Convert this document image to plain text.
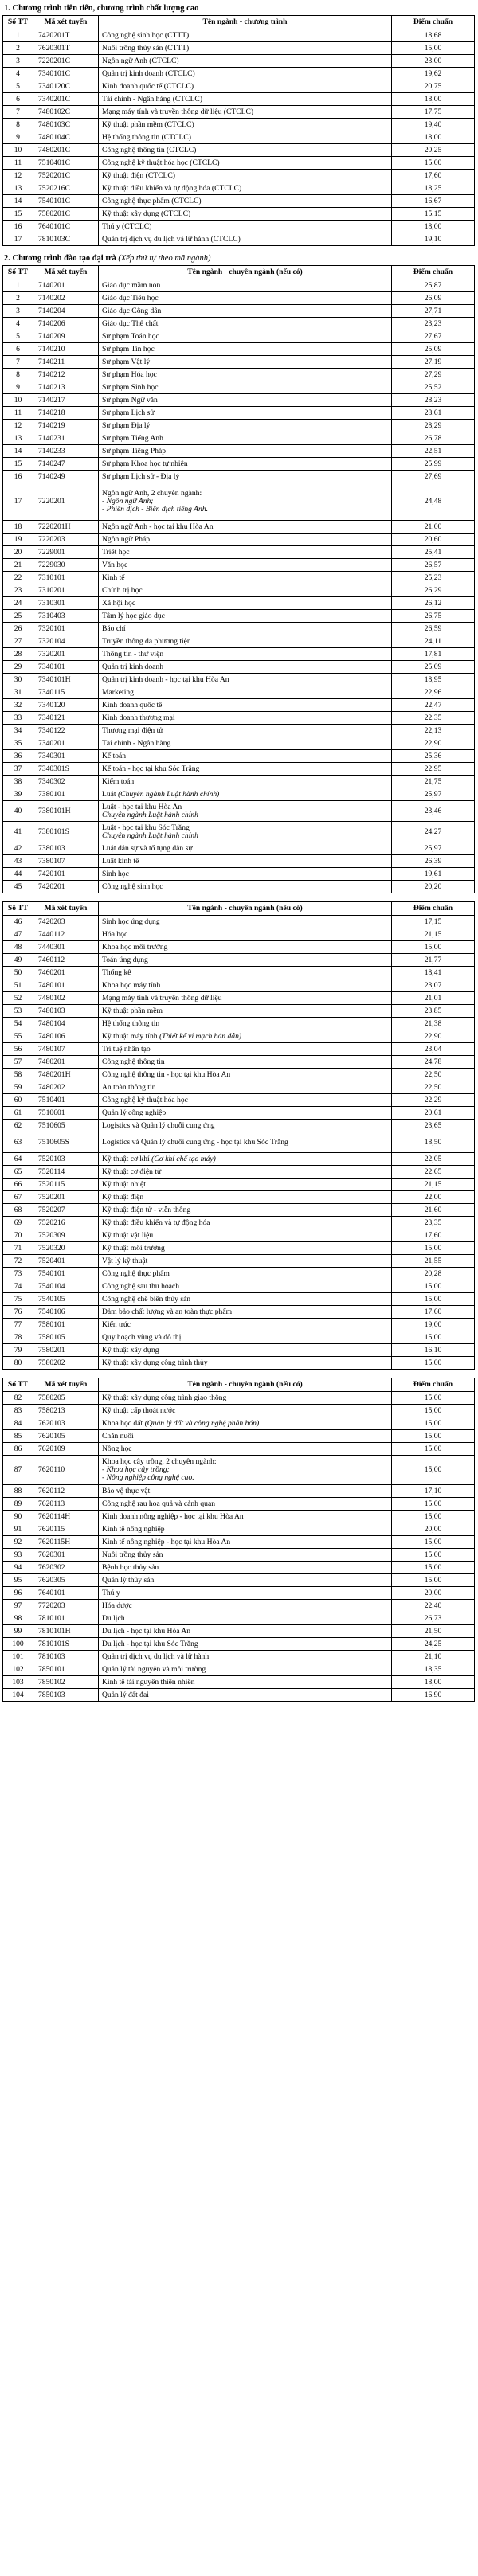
1. Chương trình tiên tiến, chương trình chất lượng cao
Số TT	Mã xét tuyển	Tên ngành - chương trình	Điểm chuẩn
1	7420201T	Công nghệ sinh học (CTTT)	18,68
2	7620301T	Nuôi trồng thủy sản (CTTT)	15,00
3	7220201C	Ngôn ngữ Anh (CTCLC)	23,00
4	7340101C	Quản trị kinh doanh (CTCLC)	19,62
5	7340120C	Kinh doanh quốc tế (CTCLC)	20,75
6	7340201C	Tài chính - Ngân hàng (CTCLC)	18,00
7	7480102C	Mạng máy tính và truyền thông dữ liệu (CTCLC)	17,75
8	7480103C	Kỹ thuật phần mềm (CTCLC)	19,40
9	7480104C	Hệ thống thông tin (CTCLC)	18,00
10	7480201C	Công nghệ thông tin (CTCLC)	20,25
11	7510401C	Công nghệ kỹ thuật hóa học (CTCLC)	15,00
12	7520201C	Kỹ thuật điện (CTCLC)	17,60
13	7520216C	Kỹ thuật điều khiển và tự động hóa (CTCLC)	18,25
14	7540101C	Công nghệ thực phẩm (CTCLC)	16,67
15	7580201C	Kỹ thuật xây dựng (CTCLC)	15,15
16	7640101C	Thú y (CTCLC)	18,00
17	7810103C	Quản trị dịch vụ du lịch và lữ hành (CTCLC)	19,10
2. Chương trình đào tạo đại trà (Xếp thứ tự theo mã ngành)
Số TT	Mã xét tuyển	Tên ngành - chuyên ngành (nếu có)	Điểm chuẩn
1	7140201	Giáo dục mầm non	25,87
2	7140202	Giáo dục Tiểu học	26,09
3	7140204	Giáo dục Công dân	27,71
4	7140206	Giáo dục Thể chất	23,23
5	7140209	Sư phạm Toán học	27,67
6	7140210	Sư phạm Tin học	25,09
7	7140211	Sư phạm Vật lý	27,19
8	7140212	Sư phạm Hóa học	27,29
9	7140213	Sư phạm Sinh học	25,52
10	7140217	Sư phạm Ngữ văn	28,23
11	7140218	Sư phạm Lịch sử	28,61
12	7140219	Sư phạm Địa lý	28,29
13	7140231	Sư phạm Tiếng Anh	26,78
14	7140233	Sư phạm Tiếng Pháp	22,51
15	7140247	Sư phạm Khoa học tự nhiên	25,99
16	7140249	Sư phạm Lịch sử - Địa lý	27,69
17	7220201	Ngôn ngữ Anh, 2 chuyên ngành:
- Ngôn ngữ Anh;
- Phiên dịch - Biên dịch tiếng Anh.	24,48
18	7220201H	Ngôn ngữ Anh - học tại khu Hòa An	21,00
19	7220203	Ngôn ngữ Pháp	20,60
20	7229001	Triết học	25,41
21	7229030	Văn học	26,57
22	7310101	Kinh tế	25,23
23	7310201	Chính trị học	26,29
24	7310301	Xã hội học	26,12
25	7310403	Tâm lý học giáo dục	26,75
26	7320101	Báo chí	26,59
27	7320104	Truyền thông đa phương tiện	24,11
28	7320201	Thông tin - thư viện	17,81
29	7340101	Quản trị kinh doanh	25,09
30	7340101H	Quản trị kinh doanh - học tại khu Hòa An	18,95
31	7340115	Marketing	22,96
32	7340120	Kinh doanh quốc tế	22,47
33	7340121	Kinh doanh thương mại	22,35
34	7340122	Thương mại điện tử	22,13
35	7340201	Tài chính - Ngân hàng	22,90
36	7340301	Kế toán	25,36
37	7340301S	Kế toán - học tại khu Sóc Trăng	22,95
38	7340302	Kiểm toán	21,75
39	7380101	Luật (Chuyên ngành Luật hành chính)	25,97
40	7380101H	Luật - học tại khu Hòa An
Chuyên ngành Luật hành chính	23,46
41	7380101S	Luật - học tại khu Sóc Trăng
Chuyên ngành Luật hành chính	24,27
42	7380103	Luật dân sự và tố tụng dân sự	25,97
43	7380107	Luật kinh tế	26,39
44	7420101	Sinh học	19,61
45	7420201	Công nghệ sinh học	20,20
Số TT	Mã xét tuyển	Tên ngành - chuyên ngành (nếu có)	Điểm chuẩn
46	7420203	Sinh học ứng dụng	17,15
47	7440112	Hóa học	21,15
48	7440301	Khoa học môi trường	15,00
49	7460112	Toán ứng dụng	21,77
50	7460201	Thống kê	18,41
51	7480101	Khoa học máy tính	23,07
52	7480102	Mạng máy tính và truyền thông dữ liệu	21,01
53	7480103	Kỹ thuật phần mềm	23,85
54	7480104	Hệ thống thông tin	21,38
55	7480106	Kỹ thuật máy tính (Thiết kế vi mạch bán dẫn)	22,90
56	7480107	Trí tuệ nhân tạo	23,04
57	7480201	Công nghệ thông tin	24,78
58	7480201H	Công nghệ thông tin - học tại khu Hòa An	22,50
59	7480202	An toàn thông tin	22,50
60	7510401	Công nghệ kỹ thuật hóa học	22,29
61	7510601	Quản lý công nghiệp	20,61
62	7510605	Logistics và Quản lý chuỗi cung ứng	23,65
63	7510605S	Logistics và Quản lý chuỗi cung ứng - học tại khu Sóc Trăng	18,50
64	7520103	Kỹ thuật cơ khí (Cơ khí chế tạo máy)	22,05
65	7520114	Kỹ thuật cơ điện tử	22,65
66	7520115	Kỹ thuật nhiệt	21,15
67	7520201	Kỹ thuật điện	22,00
68	7520207	Kỹ thuật điện tử - viễn thông	21,60
69	7520216	Kỹ thuật điều khiển và tự động hóa	23,35
70	7520309	Kỹ thuật vật liệu	17,60
71	7520320	Kỹ thuật môi trường	15,00
72	7520401	Vật lý kỹ thuật	21,55
73	7540101	Công nghệ thực phẩm	20,28
74	7540104	Công nghệ sau thu hoạch	15,00
75	7540105	Công nghệ chế biến thủy sản	15,00
76	7540106	Đảm bảo chất lượng và an toàn thực phẩm	17,60
77	7580101	Kiến trúc	19,00
78	7580105	Quy hoạch vùng và đô thị	15,00
79	7580201	Kỹ thuật xây dựng	16,10
80	7580202	Kỹ thuật xây dựng công trình thủy	15,00
Số TT	Mã xét tuyển	Tên ngành - chuyên ngành (nếu có)	Điểm chuẩn
82	7580205	Kỹ thuật xây dựng công trình giao thông	15,00
83	7580213	Kỹ thuật cấp thoát nước	15,00
84	7620103	Khoa học đất (Quản lý đất và công nghệ phân bón)	15,00
85	7620105	Chăn nuôi	15,00
86	7620109	Nông học	15,00
87	7620110	Khoa học cây trồng, 2 chuyên ngành:
- Khoa học cây trồng;
- Nông nghiệp công nghệ cao.	15,00
88	7620112	Bảo vệ thực vật	17,10
89	7620113	Công nghệ rau hoa quả và cảnh quan	15,00
90	7620114H	Kinh doanh nông nghiệp - học tại khu Hòa An	15,00
91	7620115	Kinh tế nông nghiệp	20,00
92	7620115H	Kinh tế nông nghiệp - học tại khu Hòa An	15,00
93	7620301	Nuôi trồng thủy sản	15,00
94	7620302	Bệnh học thủy sản	15,00
95	7620305	Quản lý thủy sản	15,00
96	7640101	Thú y	20,00
97	7720203	Hóa dược	22,40
98	7810101	Du lịch	26,73
99	7810101H	Du lịch - học tại khu Hòa An	21,50
100	7810101S	Du lịch - học tại khu Sóc Trăng	24,25
101	7810103	Quản trị dịch vụ du lịch và lữ hành	21,10
102	7850101	Quản lý tài nguyên và môi trường	18,35
103	7850102	Kinh tế tài nguyên thiên nhiên	18,00
104	7850103	Quản lý đất đai	16,90
